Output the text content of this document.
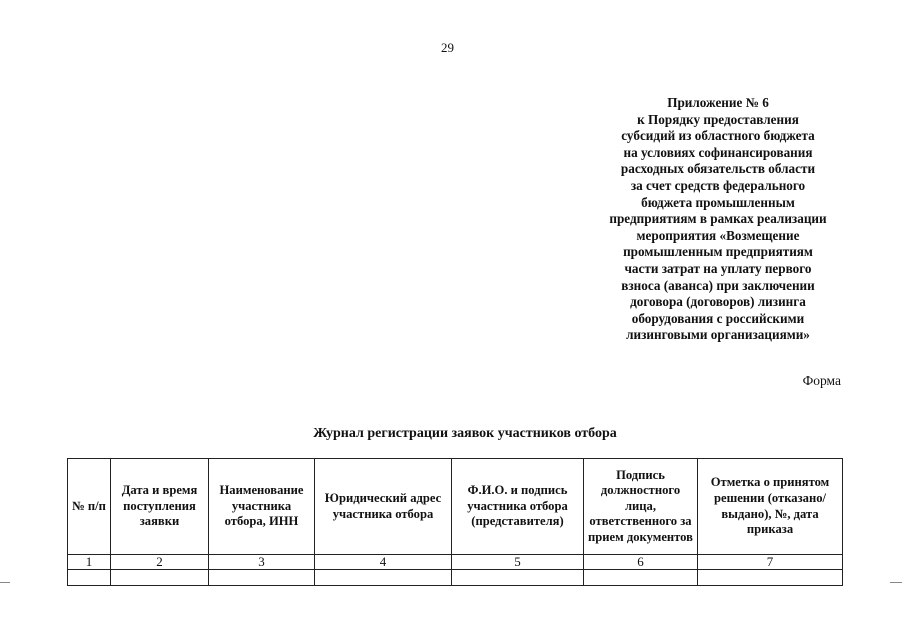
29
Приложение № 6
к Порядку предоставления
субсидий из областного бюджета
на условиях софинансирования
расходных обязательств области
за счет средств федерального
бюджета промышленным
предприятиям в рамках реализации
мероприятия «Возмещение
промышленным предприятиям
части затрат на уплату первого
взноса (аванса) при заключении
договора (договоров) лизинга
оборудования с российскими
лизинговыми организациями»
Форма
Журнал регистрации заявок участников отбора
№ п/п	Дата и время поступления заявки	Наименование участника отбора, ИНН	Юридический адрес участника отбора	Ф.И.О. и подпись участника отбора (представителя)	Подпись должностного лица, ответственного за прием документов	Отметка о принятом решении (отказано/выдано), №, дата приказа
1	2	3	4	5	6	7
